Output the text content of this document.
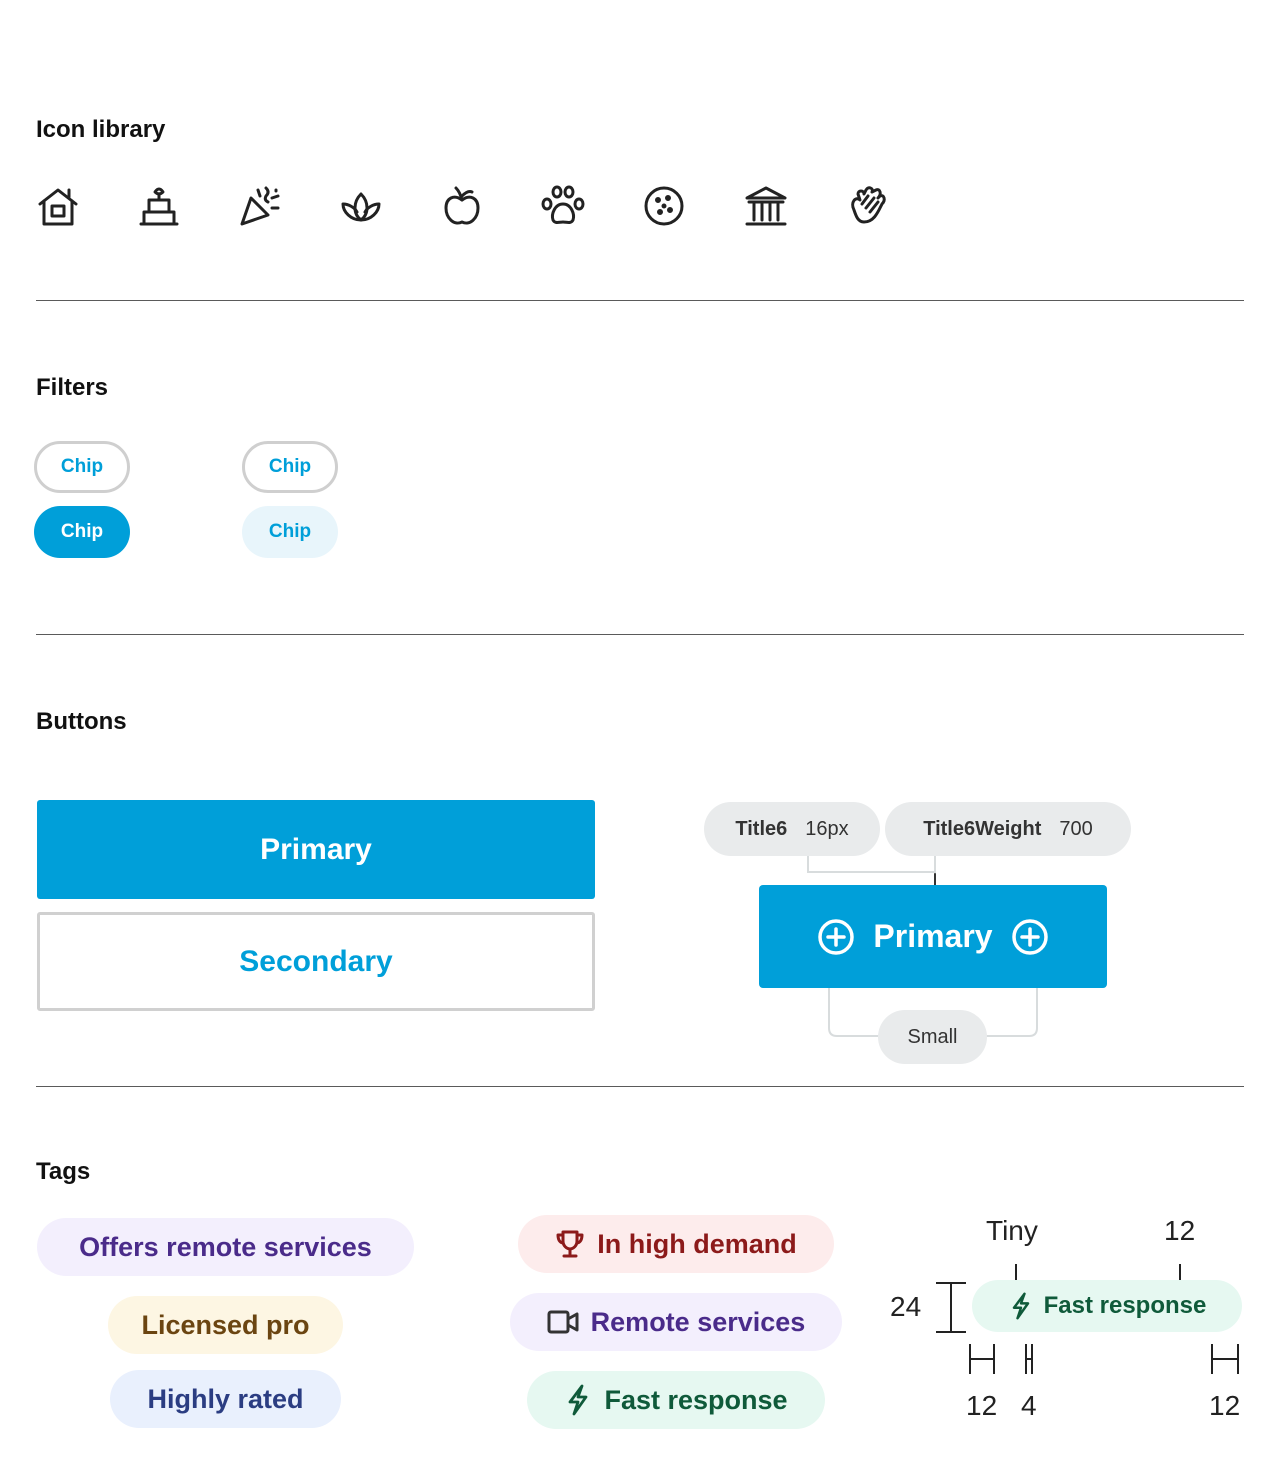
Icon library
Filters
Chip	Chip
Chip	Chip
Buttons
Primary
Secondary
Title6 16px	Title6Weight 700
Primary
Small
Tags
Offers remote services
Licensed pro
Highly rated
In high demand
Remote services
Fast response
Tiny	12
24	Fast response
12 4	12
